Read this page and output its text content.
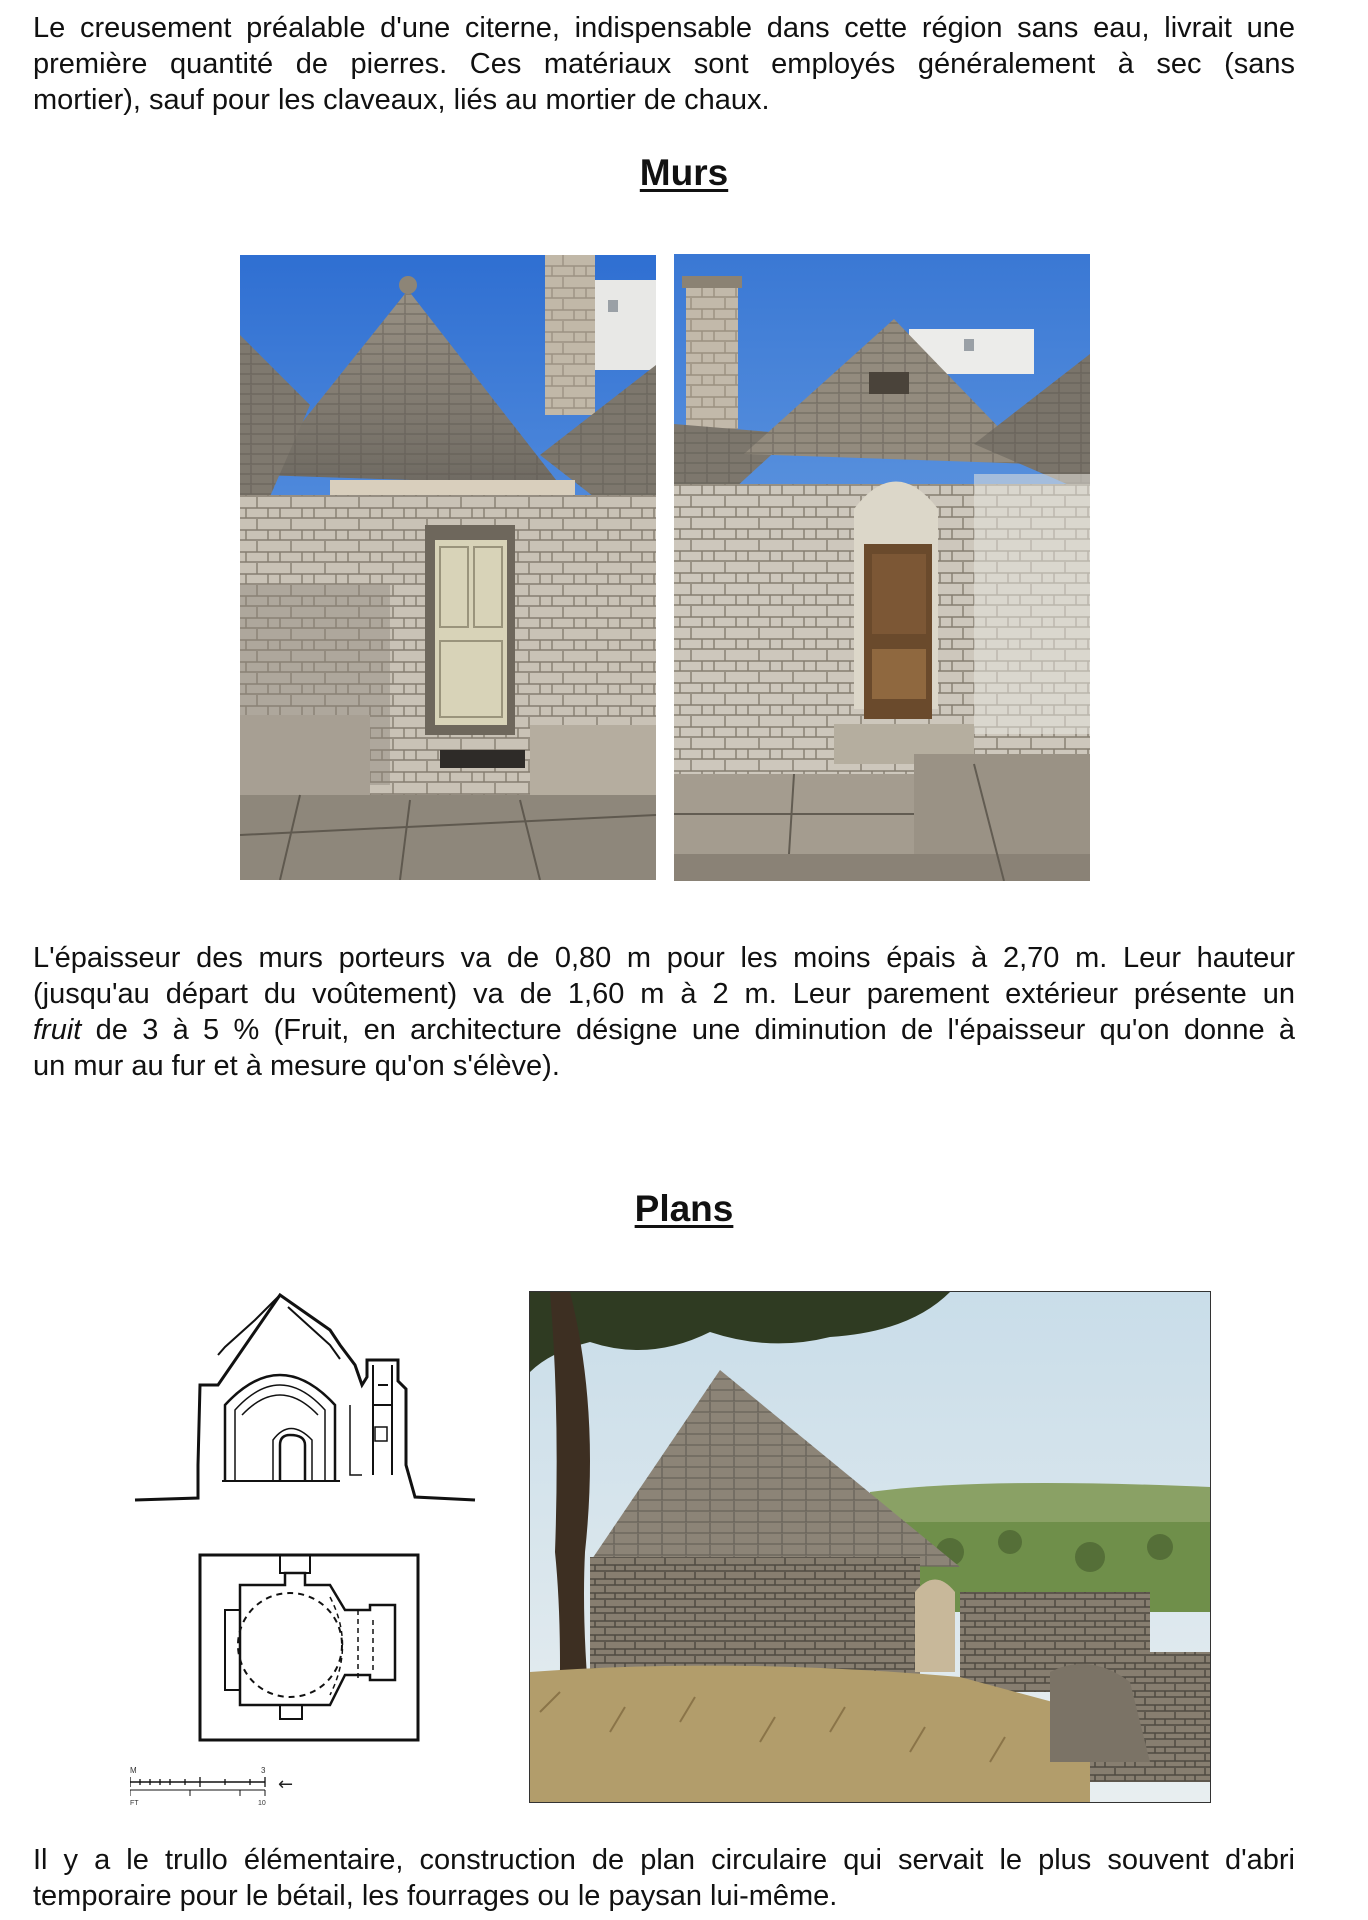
Le creusement préalable d'une citerne, indispensable dans cette région sans eau, livrait une
première quantité de pierres. Ces matériaux sont employés généralement à sec (sans
mortier), sauf pour les claveaux, liés au mortier de chaux.
Murs
L'épaisseur des murs porteurs va de 0,80 m pour les moins épais à 2,70 m. Leur hauteur
(jusqu'au départ du voûtement) va de 1,60 m à 2 m. Leur parement extérieur présente un
fruit de 3 à 5 % (Fruit, en architecture désigne une diminution de l'épaisseur qu'on donne à
un mur au fur et à mesure qu'on s'élève).
Plans
M
FT
3
10
←
Il y a le trullo élémentaire, construction de plan circulaire qui servait le plus souvent d'abri
temporaire pour le bétail, les fourrages ou le paysan lui-même.
